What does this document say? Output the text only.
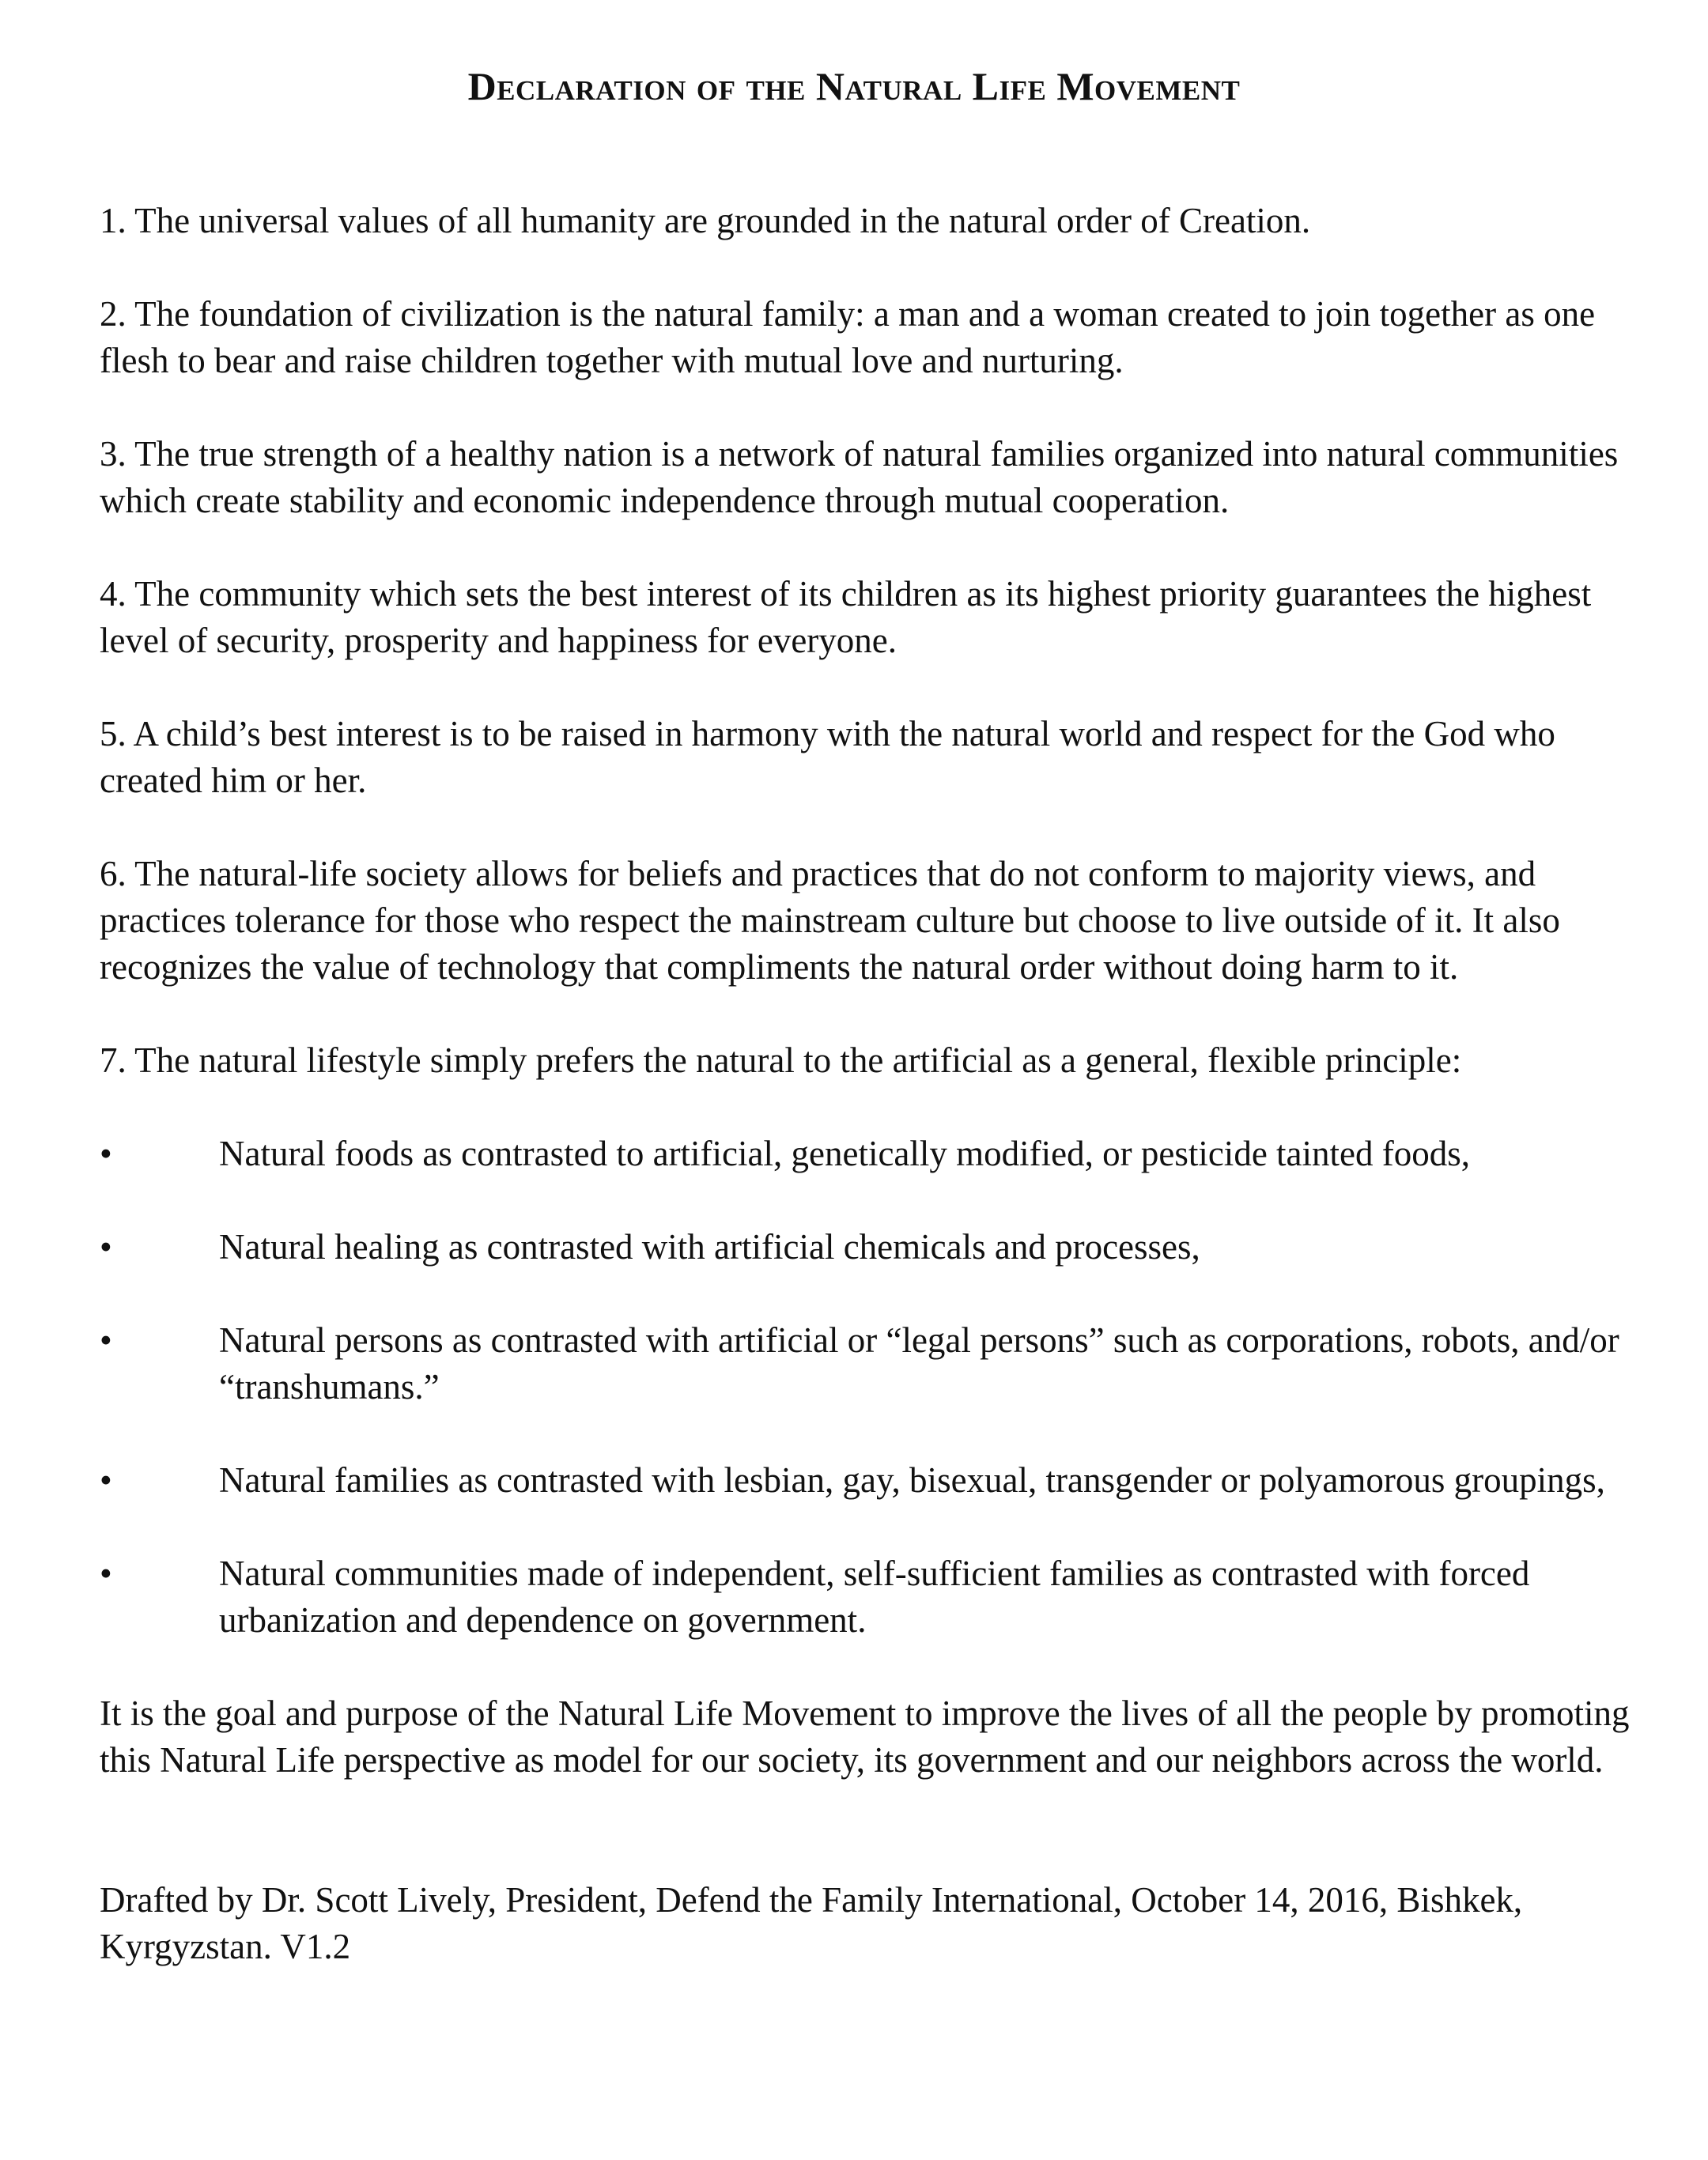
Declaration of the Natural Life Movement

1. The universal values of all humanity are grounded in the natural order of Creation.

2. The foundation of civilization is the natural family: a man and a woman created to join together as one flesh to bear and raise children together with mutual love and nurturing.

3. The true strength of a healthy nation is a network of natural families organized into natural communities which create stability and economic independence through mutual cooperation.

4. The community which sets the best interest of its children as its highest priority guarantees the highest level of security, prosperity and happiness for everyone.

5. A child’s best interest is to be raised in harmony with the natural world and respect for the God who created him or her.

6. The natural-life society allows for beliefs and practices that do not conform to majority views, and practices tolerance for those who respect the mainstream culture but choose to live outside of it. It also recognizes the value of technology that compliments the natural order without doing harm to it.

7. The natural lifestyle simply prefers the natural to the artificial as a general, flexible principle:

•	Natural foods as contrasted to artificial, genetically modified, or pesticide tainted foods,
•	Natural healing as contrasted with artificial chemicals and processes,
•	Natural persons as contrasted with artificial or “legal persons” such as corporations, robots, and/or “transhumans.”
•	Natural families as contrasted with lesbian, gay, bisexual, transgender or polyamorous groupings,
•	Natural communities made of independent, self-sufficient families as contrasted with forced urbanization and dependence on government.

It is the goal and purpose of the Natural Life Movement to improve the lives of all the people by promoting this Natural Life perspective as model for our society, its government and our neighbors across the world.

Drafted by Dr. Scott Lively, President, Defend the Family International, October 14, 2016, Bishkek, Kyrgyzstan. V1.2
